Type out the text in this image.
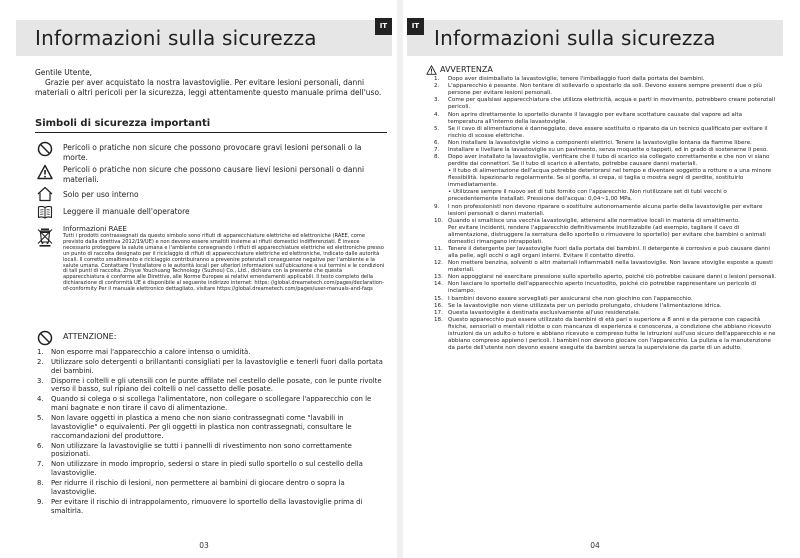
Informazioni sulla sicurezza	IT
Gentile Utente,
Grazie per aver acquistato la nostra lavastoviglie. Per evitare lesioni personali, danni materiali o altri pericoli per la sicurezza, leggi attentamente questo manuale prima dell'uso.
Simboli di sicurezza importanti
Pericoli o pratiche non sicure che possono provocare gravi lesioni personali o la morte.
Pericoli o pratiche non sicure che possono causare lievi lesioni personali o danni materiali.
Solo per uso interno
Leggere il manuale dell'operatore
Informazioni RAEE
Tutti i prodotti contrassegnati da questo simbolo sono rifiuti di apparecchiature elettriche ed elettroniche (RAEE, come previsto dalla direttiva 2012/19/UE) e non devono essere smaltiti insieme ai rifiuti domestici indifferenziati. È invece necessario proteggere la salute umana e l'ambiente consegnando i rifiuti di apparecchiature elettriche ed elettroniche presso un punto di raccolta designato per il riciclaggio di rifiuti di apparecchiature elettriche ed elettroniche, indicato dalle autorità locali. Il corretto smaltimento e riciclaggio contribuiranno a prevenire potenziali conseguenze negative per l'ambiente e la salute umana. Contattare l'installatore o le autorità locali per ulteriori informazioni sull'ubicazione e sui termini e le condizioni di tali punti di raccolta. Zhiyue Youchuang Technology (Suzhou) Co., Ltd., dichiara con la presente che questa apparecchiatura è conforme alle Direttive, alle Norme Europee ai relativi emendamenti applicabili. Il testo completo della dichiarazione di conformità UE è disponibile al seguente indirizzo internet: https: //global.dreametech.com/pages/declaration-of-conformity Per il manuale elettronico dettagliato, visitare https://global.dreametech.com/pages/user-manuals-and-faqs
ATTENZIONE:
1. Non esporre mai l'apparecchio a calore intenso o umidità.
2. Utilizzare solo detergenti o brillantanti consigliati per la lavastoviglie e tenerli fuori dalla portata dei bambini.
3. Disporre i coltelli e gli utensili con le punte affilate nel cestello delle posate, con le punte rivolte verso il basso, sul ripiano dei coltelli o nel cassetto delle posate.
4. Quando si colega o si scollega l'alimentatore, non collegare o scollegare l'apparecchio con le mani bagnate e non tirare il cavo di alimentazione.
5. Non lavare oggetti in plastica a meno che non siano contrassegnati come "lavabili in lavastoviglie" o equivalenti. Per gli oggetti in plastica non contrassegnati, consultare le raccomandazioni del produttore.
6. Non utilizzare la lavastoviglie se tutti i pannelli di rivestimento non sono correttamente posizionati.
7. Non utilizzare in modo improprio, sedersi o stare in piedi sullo sportello o sul cestello della lavastoviglie.
8. Per ridurre il rischio di lesioni, non permettere ai bambini di giocare dentro o sopra la lavastoviglie.
9. Per evitare il rischio di intrappolamento, rimuovere lo sportello della lavastoviglie prima di smaltirla.
03
Informazioni sulla sicurezza
IT
AVVERTENZA
1. Dopo aver disimballato la lavastoviglie, tenere l'imballaggio fuori dalla portata dei bambini.
2. L'apparecchio è pesante. Non tentare di sollevarlo o spostarlo da soli. Devono essere sempre presenti due o più persone per evitare lesioni personali.
3. Come per qualsiasi apparecchiatura che utilizza elettricità, acqua e parti in movimento, potrebbero creare potenziali pericoli.
4. Non aprire direttamente lo sportello durante il lavaggio per evitare scottature causate dal vapore ad alta temperatura all'interno della lavastoviglie.
5. Se il cavo di alimentazione è danneggiato, deve essere sostituito o riparato da un tecnico qualificato per evitare il rischio di scosse elettriche.
6. Non installare la lavastoviglie vicino a componenti elettrici. Tenere la lavastoviglie lontana da fiamme libere.
7. Installare e livellare la lavastoviglie su un pavimento, senza moquette o tappeti, ed in grado di sostenerne il peso.
8. Dopo aver installato la lavastoviglie, verificare che il tubo di scarico sia collegato correttamente e che non vi siano perdite dai connettori. Se il tubo di scarico è allentato, potrebbe causare danni materiali.
• Il tubo di alimentazione dell'acqua potrebbe deteriorarsi nel tempo e diventare soggetto a rotture o a una minore flessibilità. Ispezionarlo regolarmente. Se si gonfia, si crepa, si taglia o mostra segni di perdite, sostituirlo immediatamente.
• Utilizzare sempre il nuovo set di tubi fornito con l'apparecchio. Non riutilizzare set di tubi vecchi o precedentemente installati. Pressione dell'acqua: 0,04~1,00 MPa.
9. I non professionisti non devono riparare o sostituire autonomamente alcuna parte della lavastoviglie per evitare lesioni personali o danni materiali.
10. Quando si smaltisce una vecchia lavastoviglie, attenersi alle normative locali in materia di smaltimento.
Per evitare incidenti, rendere l'apparecchio definitivamente inutilizzabile (ad esempio, tagliare il cavo di alimentazione, distruggere la serratura dello sportello o rimuovere lo sportello) per evitare che bambini o animali domestici rimangano intrappolati.
11. Tenere il detergente per lavastoviglie fuori dalla portata dei bambini. Il detergente è corrosivo e può causare danni alla pelle, agli occhi o agli organi interni. Evitare il contatto diretto.
12. Non mettere benzina, solventi o altri materiali infiammabili nella lavastoviglie. Non lavare stoviglie esposte a questi materiali.
13. Non appoggiarsi né esercitare pressione sullo sportello aperto, poiché ciò potrebbe causare danni o lesioni personali.
14. Non lasciare lo sportello dell'apparecchio aperto incustodito, poiché ciò potrebbe rappresentare un pericolo di inciampo.
15. I bambini devono essere sorvegliati per assicurarsi che non giochino con l'apparecchio.
16. Se la lavastoviglie non viene utilizzata per un periodo prolungato, chiudere l'alimentazione idrica.
17. Questa lavastoviglie è destinata esclusivamente all'uso residenziale.
18. Questo apparecchio può essere utilizzato da bambini di età pari o superiore a 8 anni e da persone con capacità fisiche, sensoriali o mentali ridotte o con mancanza di esperienza e conoscenza, a condizione che abbiano ricevuto istruzioni da un adulto o tutore e abbiano ricevuto e compreso tutte le istruzioni sull'uso sicuro dell'apparecchio e ne abbiano compreso appieno i pericoli. I bambini non devono giocare con l'apparecchio. La pulizia e la manutenzione da parte dell'utente non devono essere eseguite da bambini senza la supervisione da parte di un adulto.
04
